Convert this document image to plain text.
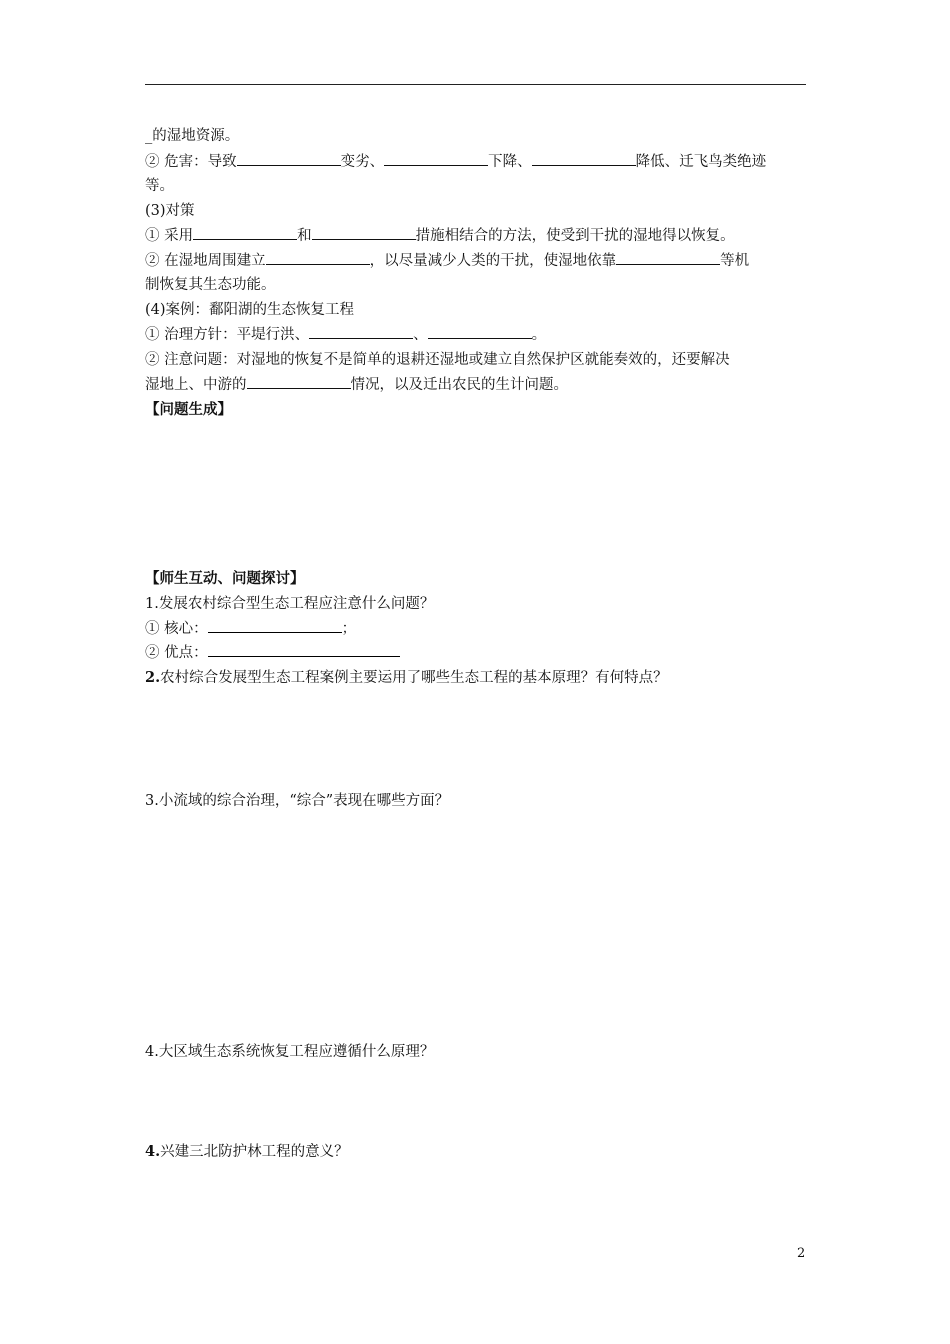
_的湿地资源。
② 危害：导致	变劣、	下降、	降低、迁飞鸟类绝迹
等。
(3)对策
① 采用	和	措施相结合的方法，使受到干扰的湿地得以恢复。
② 在湿地周围建立	，以尽量减少人类的干扰，使湿地依靠	等机
制恢复其生态功能。
(4)案例：鄱阳湖的生态恢复工程
① 治理方针：平堤行洪、	、	。
② 注意问题：对湿地的恢复不是简单的退耕还湿地或建立自然保护区就能奏效的，还要解决
湿地上、中游的	情况，以及迁出农民的生计问题。
【问题生成】
【师生互动、问题探讨】
1.发展农村综合型生态工程应注意什么问题？
① 核心：	；
② 优点：
2.农村综合发展型生态工程案例主要运用了哪些生态工程的基本原理？有何特点？
3.小流域的综合治理，“综合”表现在哪些方面？
4.大区域生态系统恢复工程应遵循什么原理？
4.兴建三北防护林工程的意义？
2
